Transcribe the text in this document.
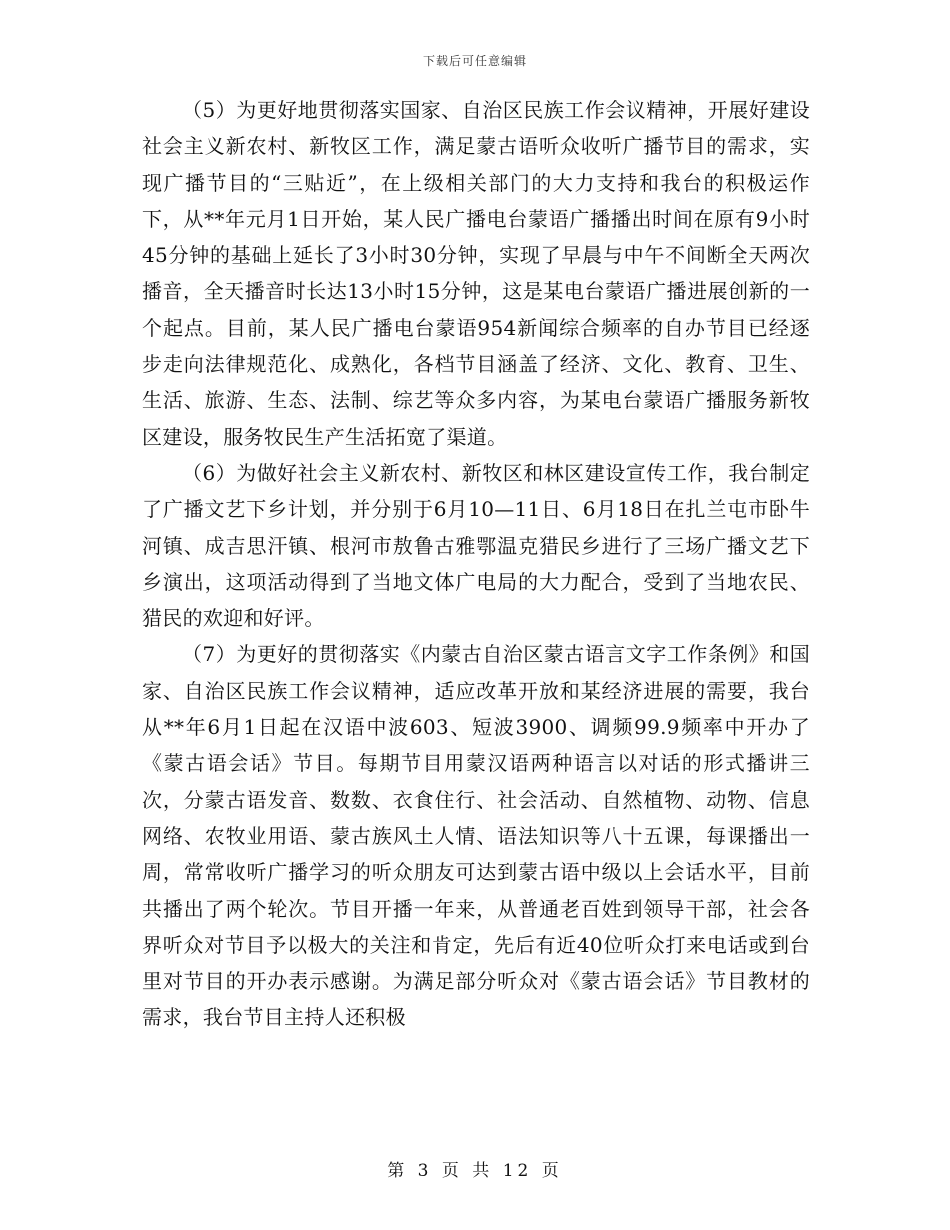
下载后可任意编辑

（5）为更好地贯彻落实国家、自治区民族工作会议精神，开展好建设社会主义新农村、新牧区工作，满足蒙古语听众收听广播节目的需求，实现广播节目的“三贴近”，在上级相关部门的大力支持和我台的积极运作下，从**年元月1日开始，某人民广播电台蒙语广播播出时间在原有9小时45分钟的基础上延长了3小时30分钟，实现了早晨与中午不间断全天两次播音，全天播音时长达13小时15分钟，这是某电台蒙语广播进展创新的一个起点。目前，某人民广播电台蒙语954新闻综合频率的自办节目已经逐步走向法律规范化、成熟化，各档节目涵盖了经济、文化、教育、卫生、生活、旅游、生态、法制、综艺等众多内容，为某电台蒙语广播服务新牧区建设，服务牧民生产生活拓宽了渠道。

（6）为做好社会主义新农村、新牧区和林区建设宣传工作，我台制定了广播文艺下乡计划，并分别于6月10—11日、6月18日在扎兰屯市卧牛河镇、成吉思汗镇、根河市敖鲁古雅鄂温克猎民乡进行了三场广播文艺下乡演出，这项活动得到了当地文体广电局的大力配合，受到了当地农民、猎民的欢迎和好评。

（7）为更好的贯彻落实《内蒙古自治区蒙古语言文字工作条例》和国家、自治区民族工作会议精神，适应改革开放和某经济进展的需要，我台从**年6月1日起在汉语中波603、短波3900、调频99.9频率中开办了《蒙古语会话》节目。每期节目用蒙汉语两种语言以对话的形式播讲三次，分蒙古语发音、数数、衣食住行、社会活动、自然植物、动物、信息网络、农牧业用语、蒙古族风土人情、语法知识等八十五课，每课播出一周，常常收听广播学习的听众朋友可达到蒙古语中级以上会话水平，目前共播出了两个轮次。节目开播一年来，从普通老百姓到领导干部，社会各界听众对节目予以极大的关注和肯定，先后有近40位听众打来电话或到台里对节目的开办表示感谢。为满足部分听众对《蒙古语会话》节目教材的需求，我台节目主持人还积极

第 3 页 共 12 页
